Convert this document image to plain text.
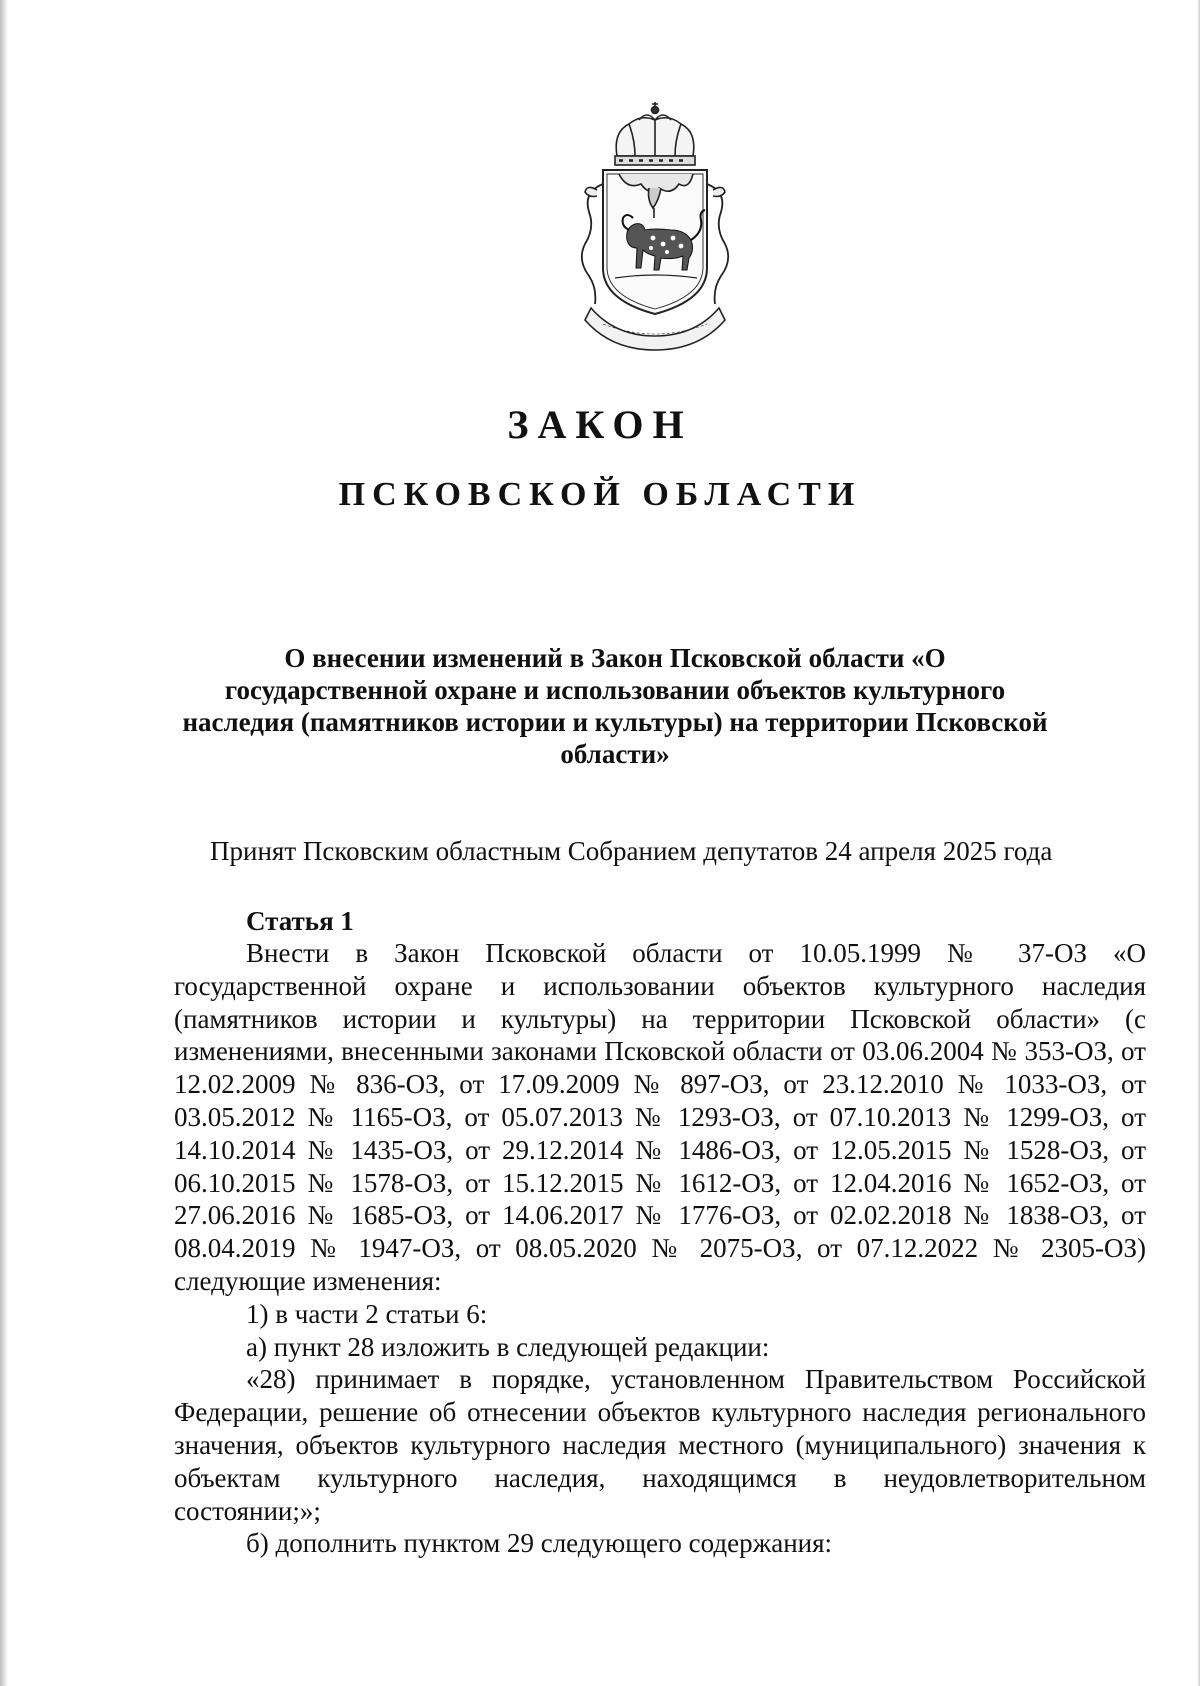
ЗАКОН
ПСКОВСКОЙ ОБЛАСТИ
О внесении изменений в Закон Псковской области «О государственной охране и использовании объектов культурного наследия (памятников истории и культуры) на территории Псковской области»
Принят Псковским областным Собранием депутатов 24 апреля 2025 года
Статья 1

Внести в Закон Псковской области от 10.05.1999 № 37-ОЗ «О государственной охране и использовании объектов культурного наследия (памятников истории и культуры) на территории Псковской области» (с изменениями, внесенными законами Псковской области от 03.06.2004 № 353-ОЗ, от 12.02.2009 № 836-ОЗ, от 17.09.2009 № 897-ОЗ, от 23.12.2010 № 1033-ОЗ, от 03.05.2012 № 1165-ОЗ, от 05.07.2013 № 1293-ОЗ, от 07.10.2013 № 1299-ОЗ, от 14.10.2014 № 1435-ОЗ, от 29.12.2014 № 1486-ОЗ, от 12.05.2015 № 1528-ОЗ, от 06.10.2015 № 1578-ОЗ, от 15.12.2015 № 1612-ОЗ, от 12.04.2016 № 1652-ОЗ, от 27.06.2016 № 1685-ОЗ, от 14.06.2017 № 1776-ОЗ, от 02.02.2018 № 1838-ОЗ, от 08.04.2019 № 1947-ОЗ, от 08.05.2020 № 2075-ОЗ, от 07.12.2022 № 2305-ОЗ) следующие изменения:

1) в части 2 статьи 6:

а) пункт 28 изложить в следующей редакции:

«28) принимает в порядке, установленном Правительством Российской Федерации, решение об отнесении объектов культурного наследия регионального значения, объектов культурного наследия местного (муниципального) значения к объектам культурного наследия, находящимся в неудовлетворительном состоянии;»;

б) дополнить пунктом 29 следующего содержания:
